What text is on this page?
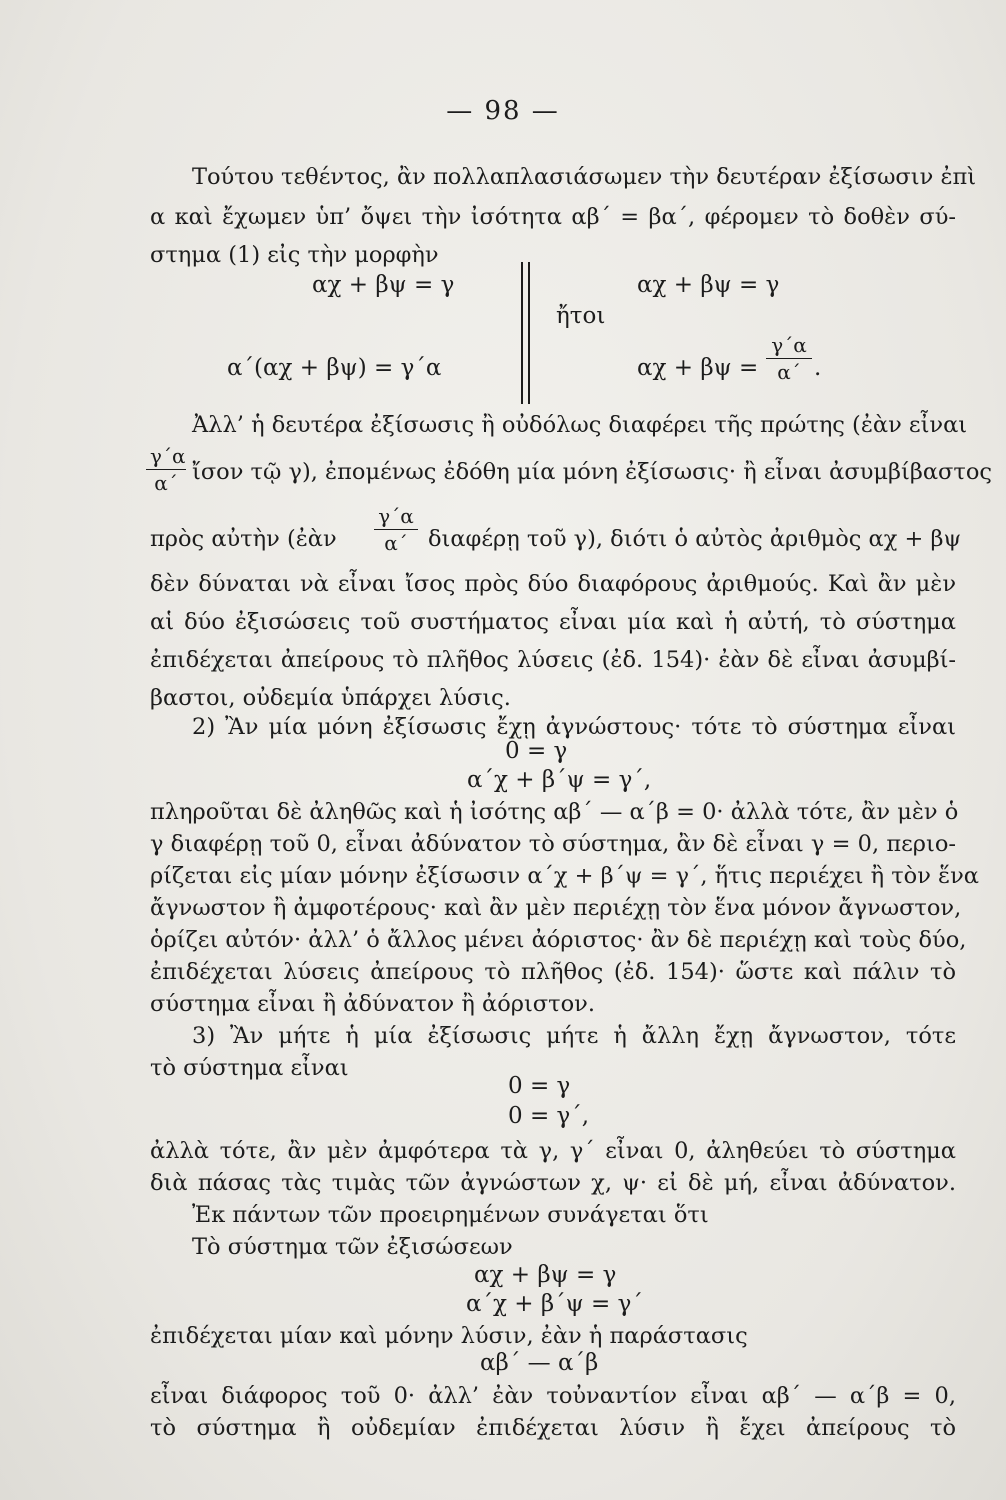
— 98 —
Τούτου τεθέντος, ἂν πολλαπλασιάσωμεν τὴν δευτέραν ἐξίσωσιν ἐπὶ
α καὶ ἔχωμεν ὑπ’ ὄψει τὴν ἰσότητα αβ΄ = βα΄, φέρομεν τὸ δοθὲν σύ-
στημα (1) εἰς τὴν μορφὴν
αχ + βψ = γ
α΄(αχ + βψ) = γ΄α
ἤτοι
αχ + βψ = γ
αχ + βψ =
γ΄α
α΄ .
Ἀλλ’ ἡ δευτέρα ἐξίσωσις ἢ οὐδόλως διαφέρει τῆς πρώτης (ἐὰν εἶναι
γ΄α
α΄ ἴσον τῷ γ), ἐπομένως ἐδόθη μία μόνη ἐξίσωσις· ἢ εἶναι ἀσυμβίβαστος
πρὸς αὐτὴν (ἐὰν
γ΄α
α΄ διαφέρῃ τοῦ γ), διότι ὁ αὐτὸς ἀριθμὸς αχ + βψ
δὲν δύναται νὰ εἶναι ἴσος πρὸς δύο διαφόρους ἀριθμούς. Καὶ ἂν μὲν
αἱ δύο ἐξισώσεις τοῦ συστήματος εἶναι μία καὶ ἡ αὐτή, τὸ σύστημα
ἐπιδέχεται ἀπείρους τὸ πλῆθος λύσεις (ἐδ. 154)· ἐὰν δὲ εἶναι ἀσυμβί-
βαστοι, οὐδεμία ὑπάρχει λύσις.
2) Ἂν μία μόνη ἐξίσωσις ἔχῃ ἀγνώστους· τότε τὸ σύστημα εἶναι
0 = γ
α΄χ + β΄ψ = γ΄,
πληροῦται δὲ ἀληθῶς καὶ ἡ ἰσότης αβ΄ — α΄β = 0· ἀλλὰ τότε, ἂν μὲν ὁ
γ διαφέρῃ τοῦ 0, εἶναι ἀδύνατον τὸ σύστημα, ἂν δὲ εἶναι γ = 0, περιο-
ρίζεται εἰς μίαν μόνην ἐξίσωσιν α΄χ + β΄ψ = γ΄, ἥτις περιέχει ἢ τὸν ἕνα
ἄγνωστον ἢ ἀμφοτέρους· καὶ ἂν μὲν περιέχῃ τὸν ἕνα μόνον ἄγνωστον,
ὁρίζει αὐτόν· ἀλλ’ ὁ ἄλλος μένει ἀόριστος· ἂν δὲ περιέχῃ καὶ τοὺς δύο,
ἐπιδέχεται λύσεις ἀπείρους τὸ πλῆθος (ἐδ. 154)· ὥστε καὶ πάλιν τὸ
σύστημα εἶναι ἢ ἀδύνατον ἢ ἀόριστον.
3) Ἂν μήτε ἡ μία ἐξίσωσις μήτε ἡ ἄλλη ἔχῃ ἄγνωστον, τότε
τὸ σύστημα εἶναι
0 = γ
0 = γ΄,
ἀλλὰ τότε, ἂν μὲν ἀμφότερα τὰ γ, γ΄ εἶναι 0, ἀληθεύει τὸ σύστημα
διὰ πάσας τὰς τιμὰς τῶν ἀγνώστων χ, ψ· εἰ δὲ μή, εἶναι ἀδύνατον.
Ἐκ πάντων τῶν προειρημένων συνάγεται ὅτι
Τὸ σύστημα τῶν ἐξισώσεων
αχ + βψ = γ
α΄χ + β΄ψ = γ΄
ἐπιδέχεται μίαν καὶ μόνην λύσιν, ἐὰν ἡ παράστασις
αβ΄ — α΄β
εἶναι διάφορος τοῦ 0· ἀλλ’ ἐὰν τοὐναντίον εἶναι αβ΄ — α΄β = 0,
τὸ σύστημα ἢ οὐδεμίαν ἐπιδέχεται λύσιν ἢ ἔχει ἀπείρους τὸ
